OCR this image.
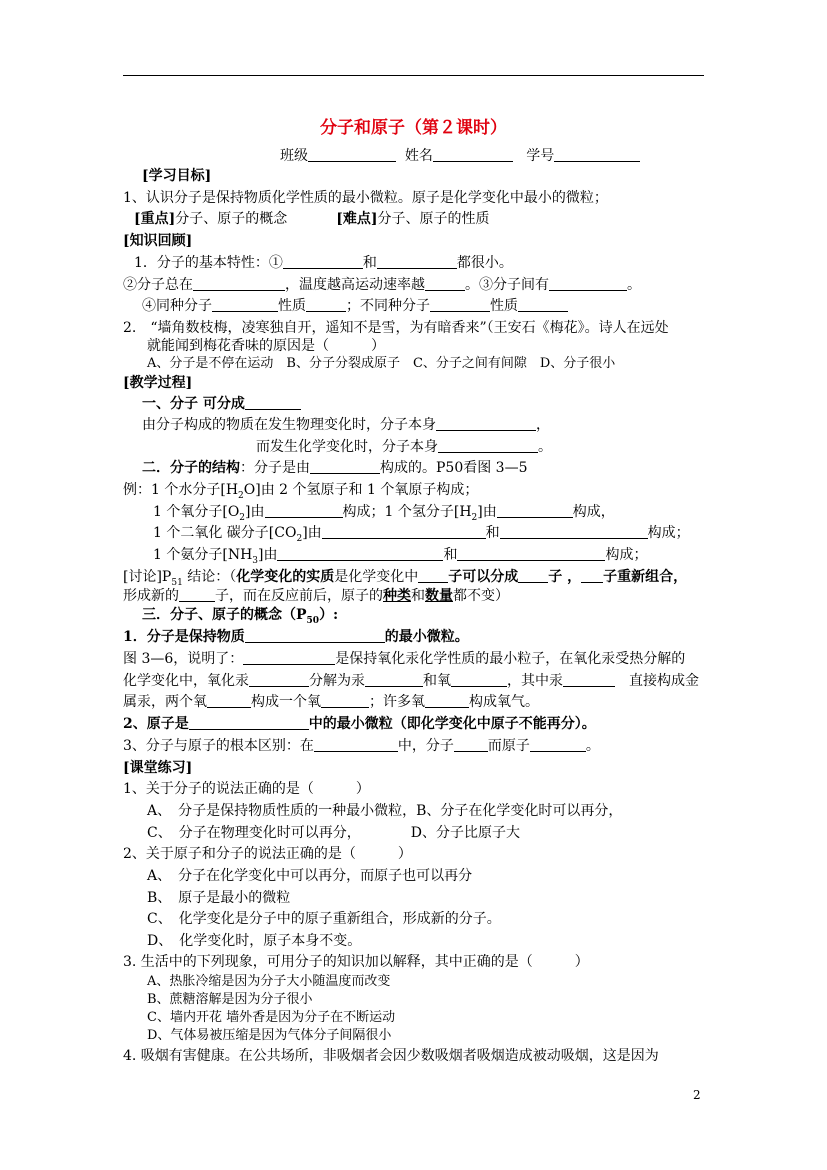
分子和原子（第２课时）
班级	姓名	学号
[学习目标]
1、认识分子是保持物质化学性质的最小微粒。原子是化学变化中最小的微粒；
[重点]分子、原子的概念	[难点]分子、原子的性质
[知识回顾]
1．分子的基本特性：①	和	都很小。
②分子总在	，温度越高运动速率越	。③分子间有	。
④同种分子	性质	；不同种分子	性质
2.　“墙角数枝梅，凌寒独自开，遥知不是雪，为有暗香来”（王安石《梅花》。诗人在远处
就能闻到梅花香味的原因是（　　　）
A、分子是不停在运动　B、分子分裂成原子　C、分子之间有间隙　D、分子很小
[教学过程]
一、分子 可分成
由分子构成的物质在发生物理变化时，分子本身	，
而发生化学变化时，分子本身	。
二．分子的结构：分子是由	构成的。P50看图 3—5
例：1 个水分子$[H_2O]$由 2 个氢原子和 1 个氧原子构成；
1 个氧分子$[O_2]$由	构成；1 个氢分子$[H_2]$由	构成，
1 个二氧化 碳分子$[CO_2]$由	和	构成；
1 个氨分子$[NH_3]$由	和	构成；
[讨论]$P_{51}$ 结论：（化学变化的实质是化学变化中 子可以分成 子 ， 子重新组合，
形成新的	子，而在反应前后，原子的种类和数量都不变）
三．分子、原子的概念$(P_{50})$:
1．分子是保持物质	的最小微粒。
图 3—6，说明了：	是保持氧化汞化学性质的最小粒子，在氧化汞受热分解的
化学变化中，氧化汞	分解为汞	和氧	，其中汞	　直接构成金
属汞，两个氧	构成一个氧	；许多氧	构成氧气。
2、原子是	中的最小微粒（即化学变化中原子不能再分）。
3、分子与原子的根本区别：在	中，分子 而原子	。
[课堂练习]
1、关于分子的说法正确的是（　　　）
A、　分子是保持物质性质的一种最小微粒，B、分子在化学变化时可以再分，
C、　分子在物理变化时可以再分，	D、分子比原子大
2、关于原子和分子的说法正确的是（　　　）
A、　分子在化学变化中可以再分，而原子也可以再分
B、　原子是最小的微粒
C、　化学变化是分子中的原子重新组合，形成新的分子。
D、　化学变化时，原子本身不变。
3. 生活中的下列现象，可用分子的知识加以解释，其中正确的是（　　　）
A、热胀冷缩是因为分子大小随温度而改变
B、蔗糖溶解是因为分子很小
C、墙内开花 墙外香是因为分子在不断运动
D、气体易被压缩是因为气体分子间隔很小
4. 吸烟有害健康。在公共场所，非吸烟者会因少数吸烟者吸烟造成被动吸烟，这是因为
2
